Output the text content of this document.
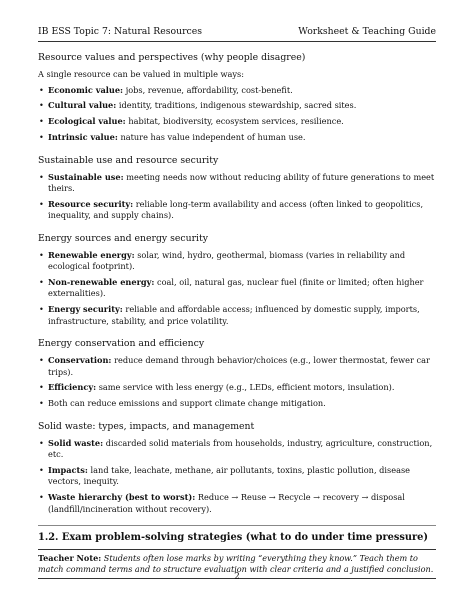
IB ESS Topic 7: Natural Resources	Worksheet & Teaching Guide
Resource values and perspectives (why people disagree)
A single resource can be valued in multiple ways:
• Economic value: jobs, revenue, affordability, cost-benefit.
• Cultural value: identity, traditions, indigenous stewardship, sacred sites.
• Ecological value: habitat, biodiversity, ecosystem services, resilience.
• Intrinsic value: nature has value independent of human use.
Sustainable use and resource security
• Sustainable use: meeting needs now without reducing ability of future generations to meet theirs.
• Resource security: reliable long-term availability and access (often linked to geopolitics, inequality, and supply chains).
Energy sources and energy security
• Renewable energy: solar, wind, hydro, geothermal, biomass (varies in reliability and ecological footprint).
• Non-renewable energy: coal, oil, natural gas, nuclear fuel (finite or limited; often higher externalities).
• Energy security: reliable and affordable access; influenced by domestic supply, imports, infrastructure, stability, and price volatility.
Energy conservation and efficiency
• Conservation: reduce demand through behavior/choices (e.g., lower thermostat, fewer car trips).
• Efficiency: same service with less energy (e.g., LEDs, efficient motors, insulation).
• Both can reduce emissions and support climate change mitigation.
Solid waste: types, impacts, and management
• Solid waste: discarded solid materials from households, industry, agriculture, construction, etc.
• Impacts: land take, leachate, methane, air pollutants, toxins, plastic pollution, disease vectors, inequity.
• Waste hierarchy (best to worst): Reduce → Reuse → Recycle → recovery → disposal (landfill/incineration without recovery).
1.2. Exam problem-solving strategies (what to do under time pressure)
Teacher Note: Students often lose marks by writing “everything they know.” Teach them to match command terms and to structure evaluation with clear criteria and a justified conclusion.
2
